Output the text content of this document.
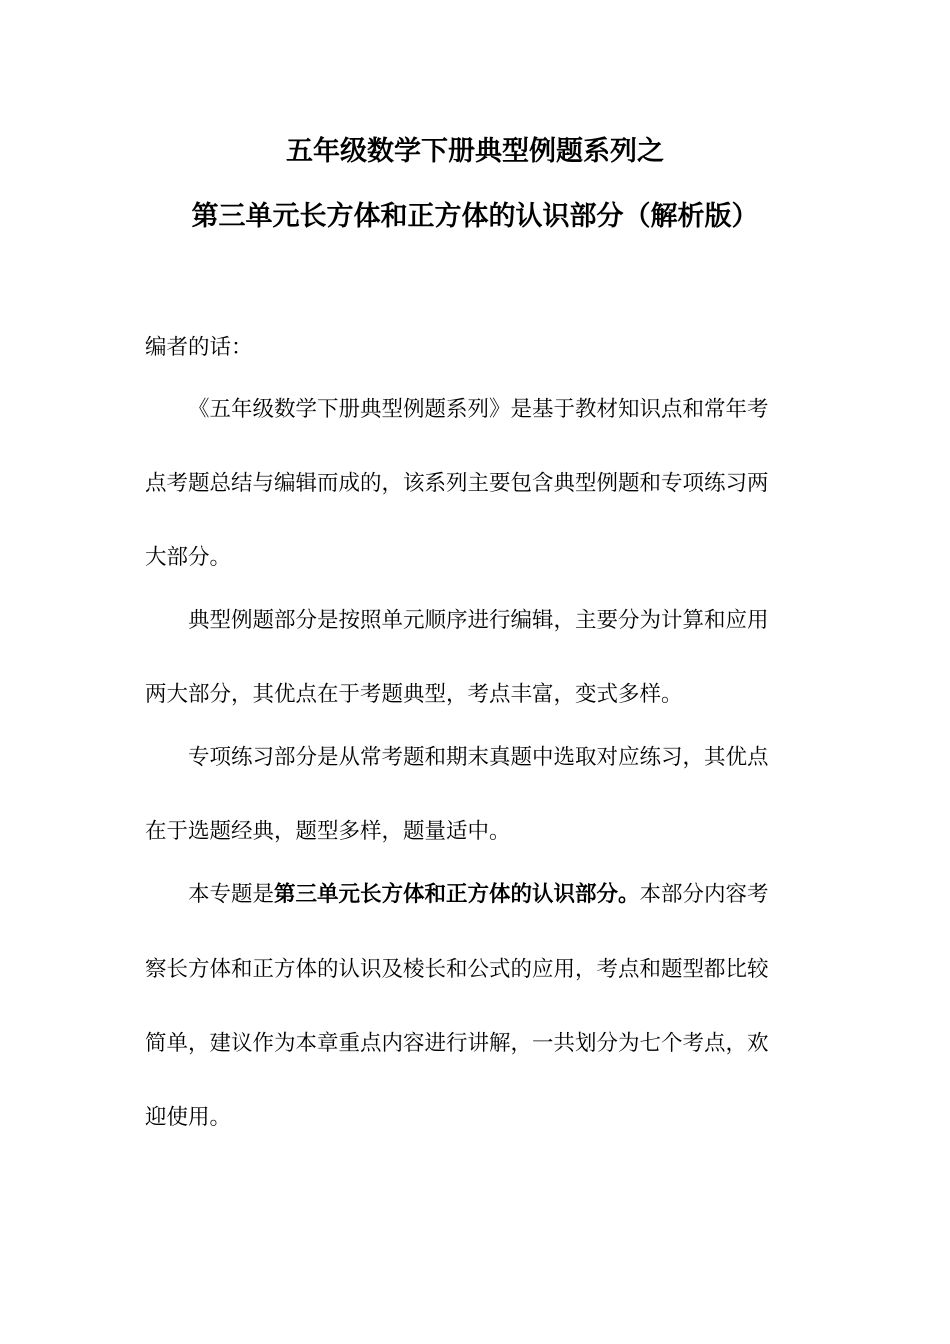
五年级数学下册典型例题系列之
第三单元长方体和正方体的认识部分（解析版）
编者的话：
《五年级数学下册典型例题系列》是基于教材知识点和常年考
点考题总结与编辑而成的，该系列主要包含典型例题和专项练习两
大部分。
典型例题部分是按照单元顺序进行编辑，主要分为计算和应用
两大部分，其优点在于考题典型，考点丰富，变式多样。
专项练习部分是从常考题和期末真题中选取对应练习，其优点
在于选题经典，题型多样，题量适中。
本专题是第三单元长方体和正方体的认识部分。本部分内容考
察长方体和正方体的认识及棱长和公式的应用，考点和题型都比较
简单，建议作为本章重点内容进行讲解，一共划分为七个考点，欢
迎使用。
